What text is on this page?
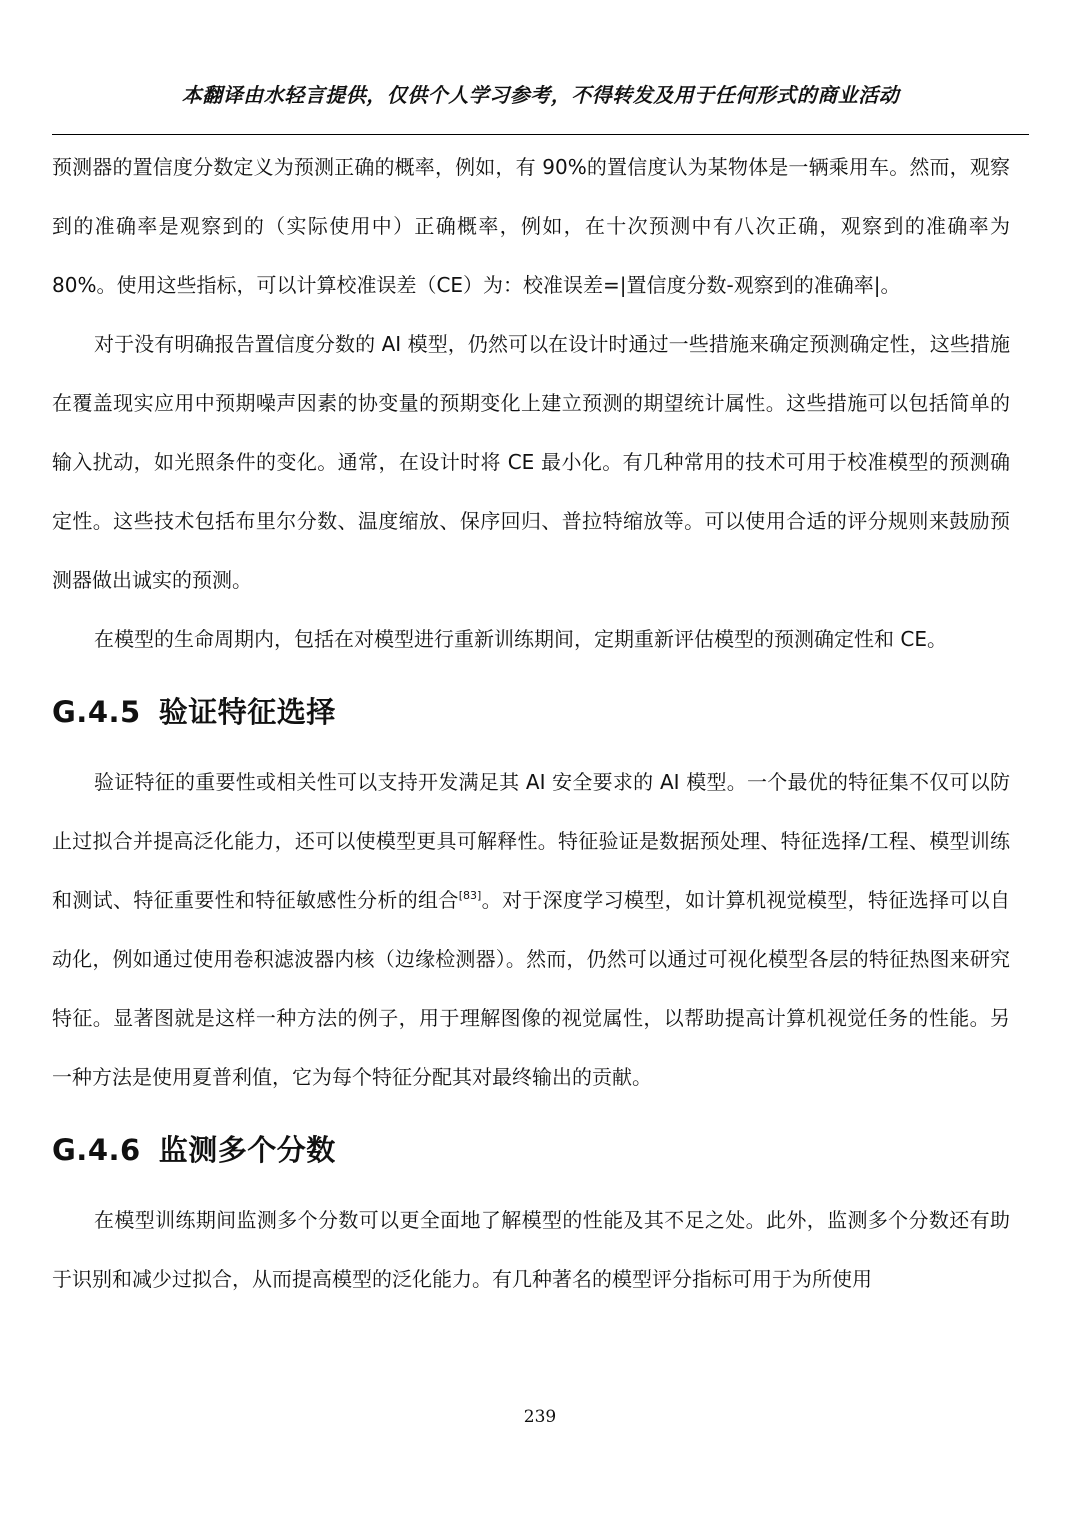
本翻译由水轻言提供，仅供个人学习参考，不得转发及用于任何形式的商业活动

预测器的置信度分数定义为预测正确的概率，例如，有 90%的置信度认为某物体是一辆乘用车。然而，观察到的准确率是观察到的（实际使用中）正确概率，例如，在十次预测中有八次正确，观察到的准确率为 80%。使用这些指标，可以计算校准误差（CE）为：校准误差=|置信度分数-观察到的准确率|。

对于没有明确报告置信度分数的 AI 模型，仍然可以在设计时通过一些措施来确定预测确定性，这些措施在覆盖现实应用中预期噪声因素的协变量的预期变化上建立预测的期望统计属性。这些措施可以包括简单的输入扰动，如光照条件的变化。通常，在设计时将 CE 最小化。有几种常用的技术可用于校准模型的预测确定性。这些技术包括布里尔分数、温度缩放、保序回归、普拉特缩放等。可以使用合适的评分规则来鼓励预测器做出诚实的预测。

在模型的生命周期内，包括在对模型进行重新训练期间，定期重新评估模型的预测确定性和 CE。

G.4.5 验证特征选择

验证特征的重要性或相关性可以支持开发满足其 AI 安全要求的 AI 模型。一个最优的特征集不仅可以防止过拟合并提高泛化能力，还可以使模型更具可解释性。特征验证是数据预处理、特征选择/工程、模型训练和测试、特征重要性和特征敏感性分析的组合[83]。对于深度学习模型，如计算机视觉模型，特征选择可以自动化，例如通过使用卷积滤波器内核（边缘检测器）。然而，仍然可以通过可视化模型各层的特征热图来研究特征。显著图就是这样一种方法的例子，用于理解图像的视觉属性，以帮助提高计算机视觉任务的性能。另一种方法是使用夏普利值，它为每个特征分配其对最终输出的贡献。

G.4.6 监测多个分数

在模型训练期间监测多个分数可以更全面地了解模型的性能及其不足之处。此外，监测多个分数还有助于识别和减少过拟合，从而提高模型的泛化能力。有几种著名的模型评分指标可用于为所使用

239
